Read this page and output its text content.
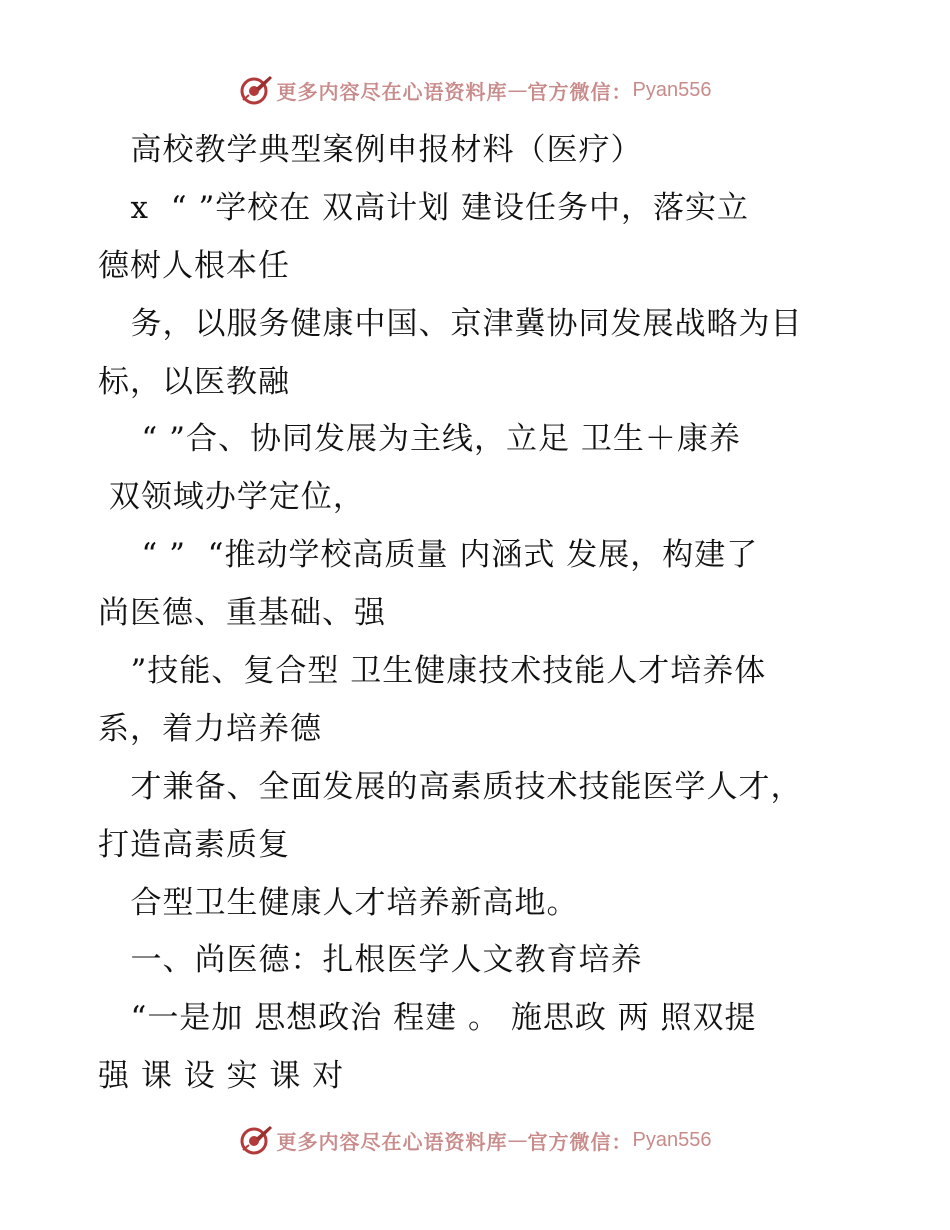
更多内容尽在心语资料库 — 官方微信： Pyan556
高校教学典型案例申报材料（医疗）
x  “ ”学校在 双高计划 建设任务中，落实立
德树人根本任
务，以服务健康中国、京津冀协同发展战略为目
标，以医教融
“ ”合、协同发展为主线，立足 卫生＋康养
双领域办学定位，
“ ”  “推动学校高质量 内涵式 发展，构建了
尚医德、重基础、强
”技能、复合型 卫生健康技术技能人才培养体
系，着力培养德
才兼备、全面发展的高素质技术技能医学人才，
打造高素质复
合型卫生健康人才培养新高地。
一、尚医德：扎根医学人文教育培养
“一是加 思想政治 程建 。 施思政 两 照双提
强 课 设 实 课 对
更多内容尽在心语资料库 — 官方微信： Pyan556
